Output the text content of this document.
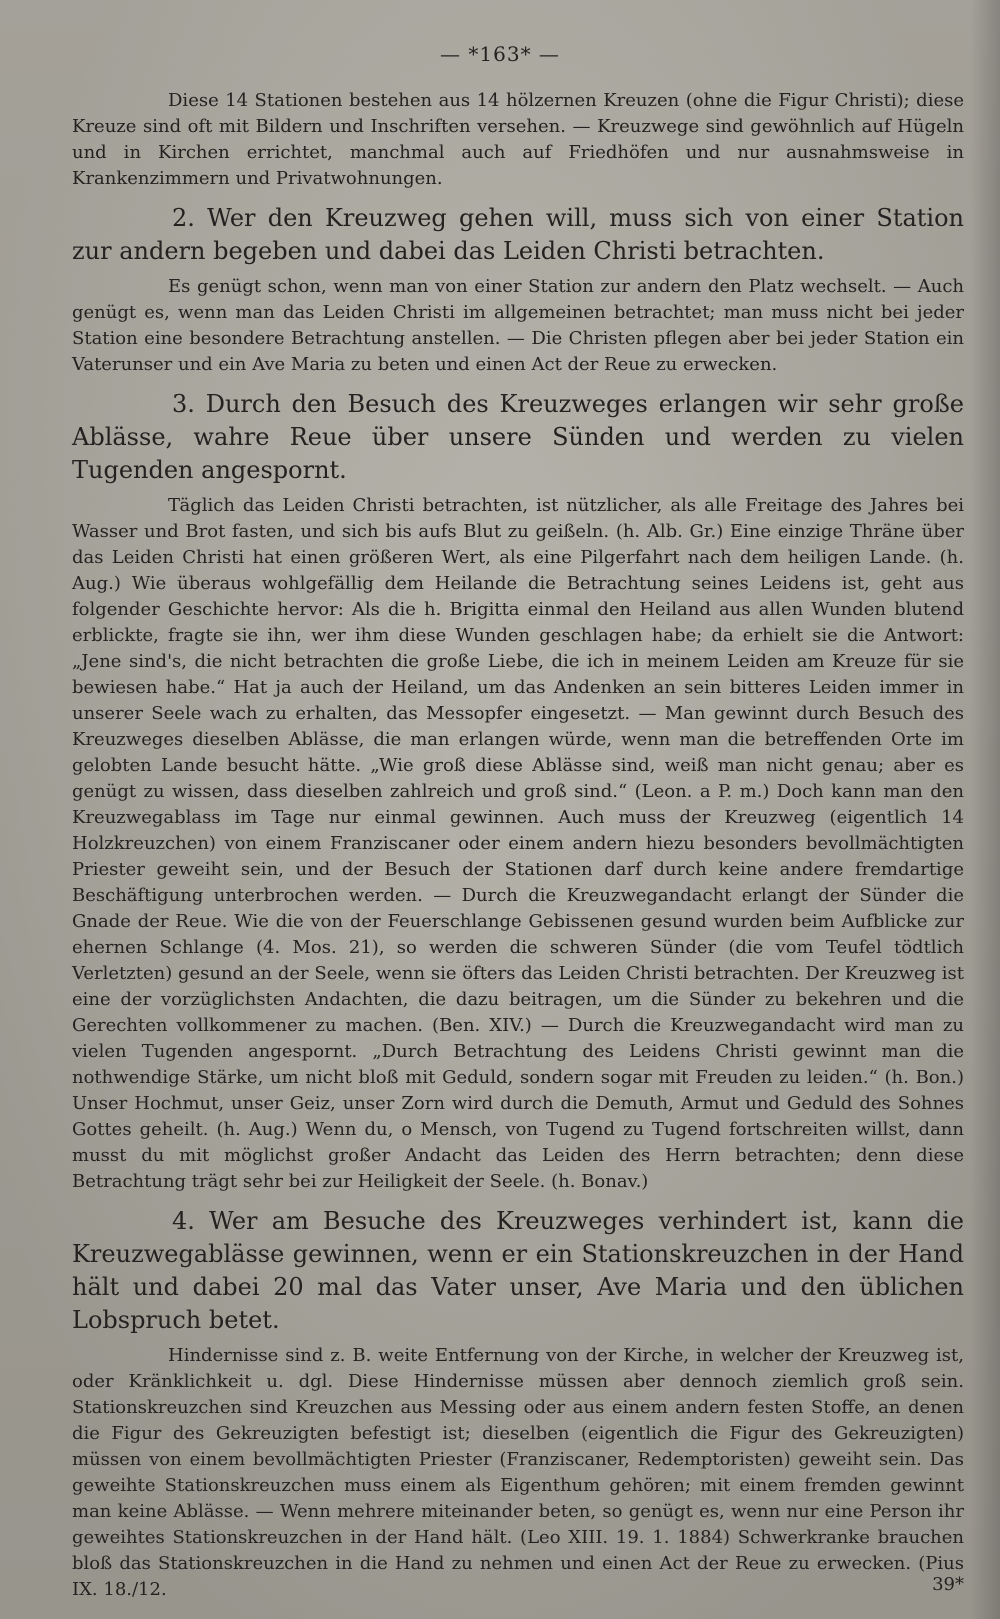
— *163* —

Diese 14 Stationen bestehen aus 14 hölzernen Kreuzen (ohne die Figur Christi); diese Kreuze sind oft mit Bildern und Inschriften versehen. — Kreuzwege sind gewöhnlich auf Hügeln und in Kirchen errichtet, manchmal auch auf Friedhöfen und nur ausnahmsweise in Krankenzimmern und Privatwohnungen.

2. Wer den Kreuzweg gehen will, muss sich von einer Station zur andern begeben und dabei das Leiden Christi betrachten.

Es genügt schon, wenn man von einer Station zur andern den Platz wechselt. — Auch genügt es, wenn man das Leiden Christi im allgemeinen betrachtet; man muss nicht bei jeder Station eine besondere Betrachtung anstellen. — Die Christen pflegen aber bei jeder Station ein Vaterunser und ein Ave Maria zu beten und einen Act der Reue zu erwecken.

3. Durch den Besuch des Kreuzweges erlangen wir sehr große Ablässe, wahre Reue über unsere Sünden und werden zu vielen Tugenden angespornt.

Täglich das Leiden Christi betrachten, ist nützlicher, als alle Freitage des Jahres bei Wasser und Brot fasten, und sich bis aufs Blut zu geißeln. (h. Alb. Gr.) Eine einzige Thräne über das Leiden Christi hat einen größeren Wert, als eine Pilgerfahrt nach dem heiligen Lande. (h. Aug.) Wie überaus wohlgefällig dem Heilande die Betrachtung seines Leidens ist, geht aus folgender Geschichte hervor: Als die h. Brigitta einmal den Heiland aus allen Wunden blutend erblickte, fragte sie ihn, wer ihm diese Wunden geschlagen habe; da erhielt sie die Antwort: „Jene sind's, die nicht betrachten die große Liebe, die ich in meinem Leiden am Kreuze für sie bewiesen habe.“ Hat ja auch der Heiland, um das Andenken an sein bitteres Leiden immer in unserer Seele wach zu erhalten, das Messopfer eingesetzt. — Man gewinnt durch Besuch des Kreuzweges dieselben Ablässe, die man erlangen würde, wenn man die betreffenden Orte im gelobten Lande besucht hätte. „Wie groß diese Ablässe sind, weiß man nicht genau; aber es genügt zu wissen, dass dieselben zahlreich und groß sind.“ (Leon. a P. m.) Doch kann man den Kreuzwegablass im Tage nur einmal gewinnen. Auch muss der Kreuzweg (eigentlich 14 Holzkreuzchen) von einem Franziscaner oder einem andern hiezu besonders bevollmächtigten Priester geweiht sein, und der Besuch der Stationen darf durch keine andere fremdartige Beschäftigung unterbrochen werden. — Durch die Kreuzwegandacht erlangt der Sünder die Gnade der Reue. Wie die von der Feuerschlange Gebissenen gesund wurden beim Aufblicke zur ehernen Schlange (4. Mos. 21), so werden die schweren Sünder (die vom Teufel tödtlich Verletzten) gesund an der Seele, wenn sie öfters das Leiden Christi betrachten. Der Kreuzweg ist eine der vorzüglichsten Andachten, die dazu beitragen, um die Sünder zu bekehren und die Gerechten vollkommener zu machen. (Ben. XIV.) — Durch die Kreuzwegandacht wird man zu vielen Tugenden angespornt. „Durch Betrachtung des Leidens Christi gewinnt man die nothwendige Stärke, um nicht bloß mit Geduld, sondern sogar mit Freuden zu leiden.“ (h. Bon.) Unser Hochmut, unser Geiz, unser Zorn wird durch die Demuth, Armut und Geduld des Sohnes Gottes geheilt. (h. Aug.) Wenn du, o Mensch, von Tugend zu Tugend fortschreiten willst, dann musst du mit möglichst großer Andacht das Leiden des Herrn betrachten; denn diese Betrachtung trägt sehr bei zur Heiligkeit der Seele. (h. Bonav.)

4. Wer am Besuche des Kreuzweges verhindert ist, kann die Kreuzwegablässe gewinnen, wenn er ein Stationskreuzchen in der Hand hält und dabei 20 mal das Vater unser, Ave Maria und den üblichen Lobspruch betet.

Hindernisse sind z. B. weite Entfernung von der Kirche, in welcher der Kreuzweg ist, oder Kränklichkeit u. dgl. Diese Hindernisse müssen aber dennoch ziemlich groß sein. Stationskreuzchen sind Kreuzchen aus Messing oder aus einem andern festen Stoffe, an denen die Figur des Gekreuzigten befestigt ist; dieselben (eigentlich die Figur des Gekreuzigten) müssen von einem bevollmächtigten Priester (Franziscaner, Redemptoristen) geweiht sein. Das geweihte Stationskreuzchen muss einem als Eigenthum gehören; mit einem fremden gewinnt man keine Ablässe. — Wenn mehrere miteinander beten, so genügt es, wenn nur eine Person ihr geweihtes Stationskreuzchen in der Hand hält. (Leo XIII. 19. 1. 1884) Schwerkranke brauchen bloß das Stationskreuzchen in die Hand zu nehmen und einen Act der Reue zu erwecken. (Pius IX. 18./12.	39*
